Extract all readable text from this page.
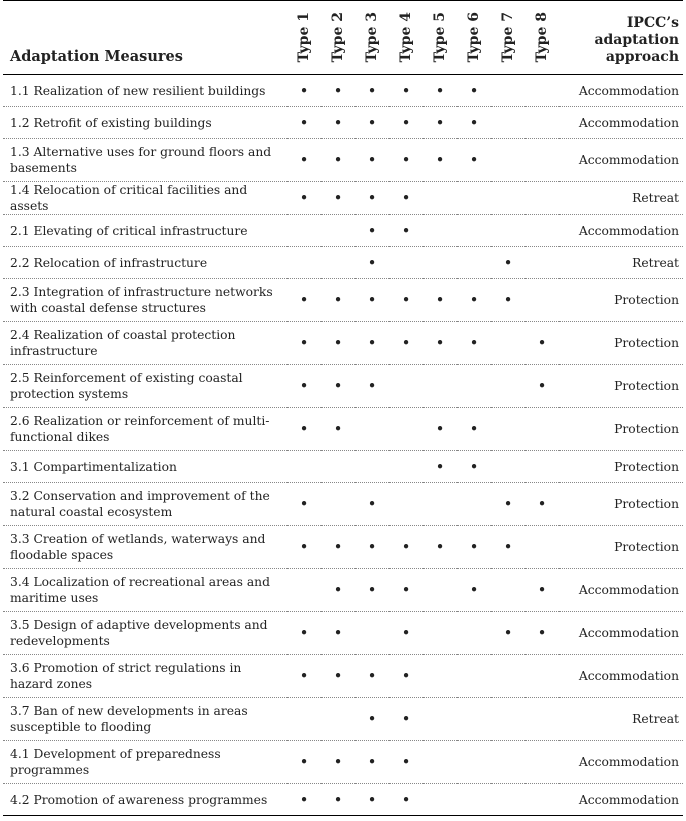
Adaptation Measures	Type 1	Type 2	Type 3	Type 4	Type 5	Type 6	Type 7	Type 8	IPCC’s
adaptation
approach

1.1 Realization of new resilient buildings	•	•	•	•	•	•			Accommodation
1.2 Retrofit of existing buildings	•	•	•	•	•	•			Accommodation
1.3 Alternative uses for ground floors and basements	•	•	•	•	•	•			Accommodation
1.4 Relocation of critical facilities and assets	•	•	•	•					Retreat
2.1 Elevating of critical infrastructure			•	•					Accommodation
2.2 Relocation of infrastructure			•				•		Retreat
2.3 Integration of infrastructure networks with coastal defense structures	•	•	•	•	•	•	•		Protection
2.4 Realization of coastal protection infrastructure	•	•	•	•	•	•		•	Protection
2.5 Reinforcement of existing coastal protection systems	•	•	•					•	Protection
2.6 Realization or reinforcement of multi-functional dikes	•	•			•	•			Protection
3.1 Compartimentalization					•	•			Protection
3.2 Conservation and improvement of the natural coastal ecosystem	•		•				•	•	Protection
3.3 Creation of wetlands, waterways and floodable spaces	•	•	•	•	•	•	•		Protection
3.4 Localization of recreational areas and maritime uses		•	•	•		•		•	Accommodation
3.5 Design of adaptive developments and redevelopments	•	•		•			•	•	Accommodation
3.6 Promotion of strict regulations in hazard zones	•	•	•	•					Accommodation
3.7 Ban of new developments in areas susceptible to flooding			•	•					Retreat
4.1 Development of preparedness programmes	•	•	•	•					Accommodation
4.2 Promotion of awareness programmes	•	•	•	•					Accommodation
